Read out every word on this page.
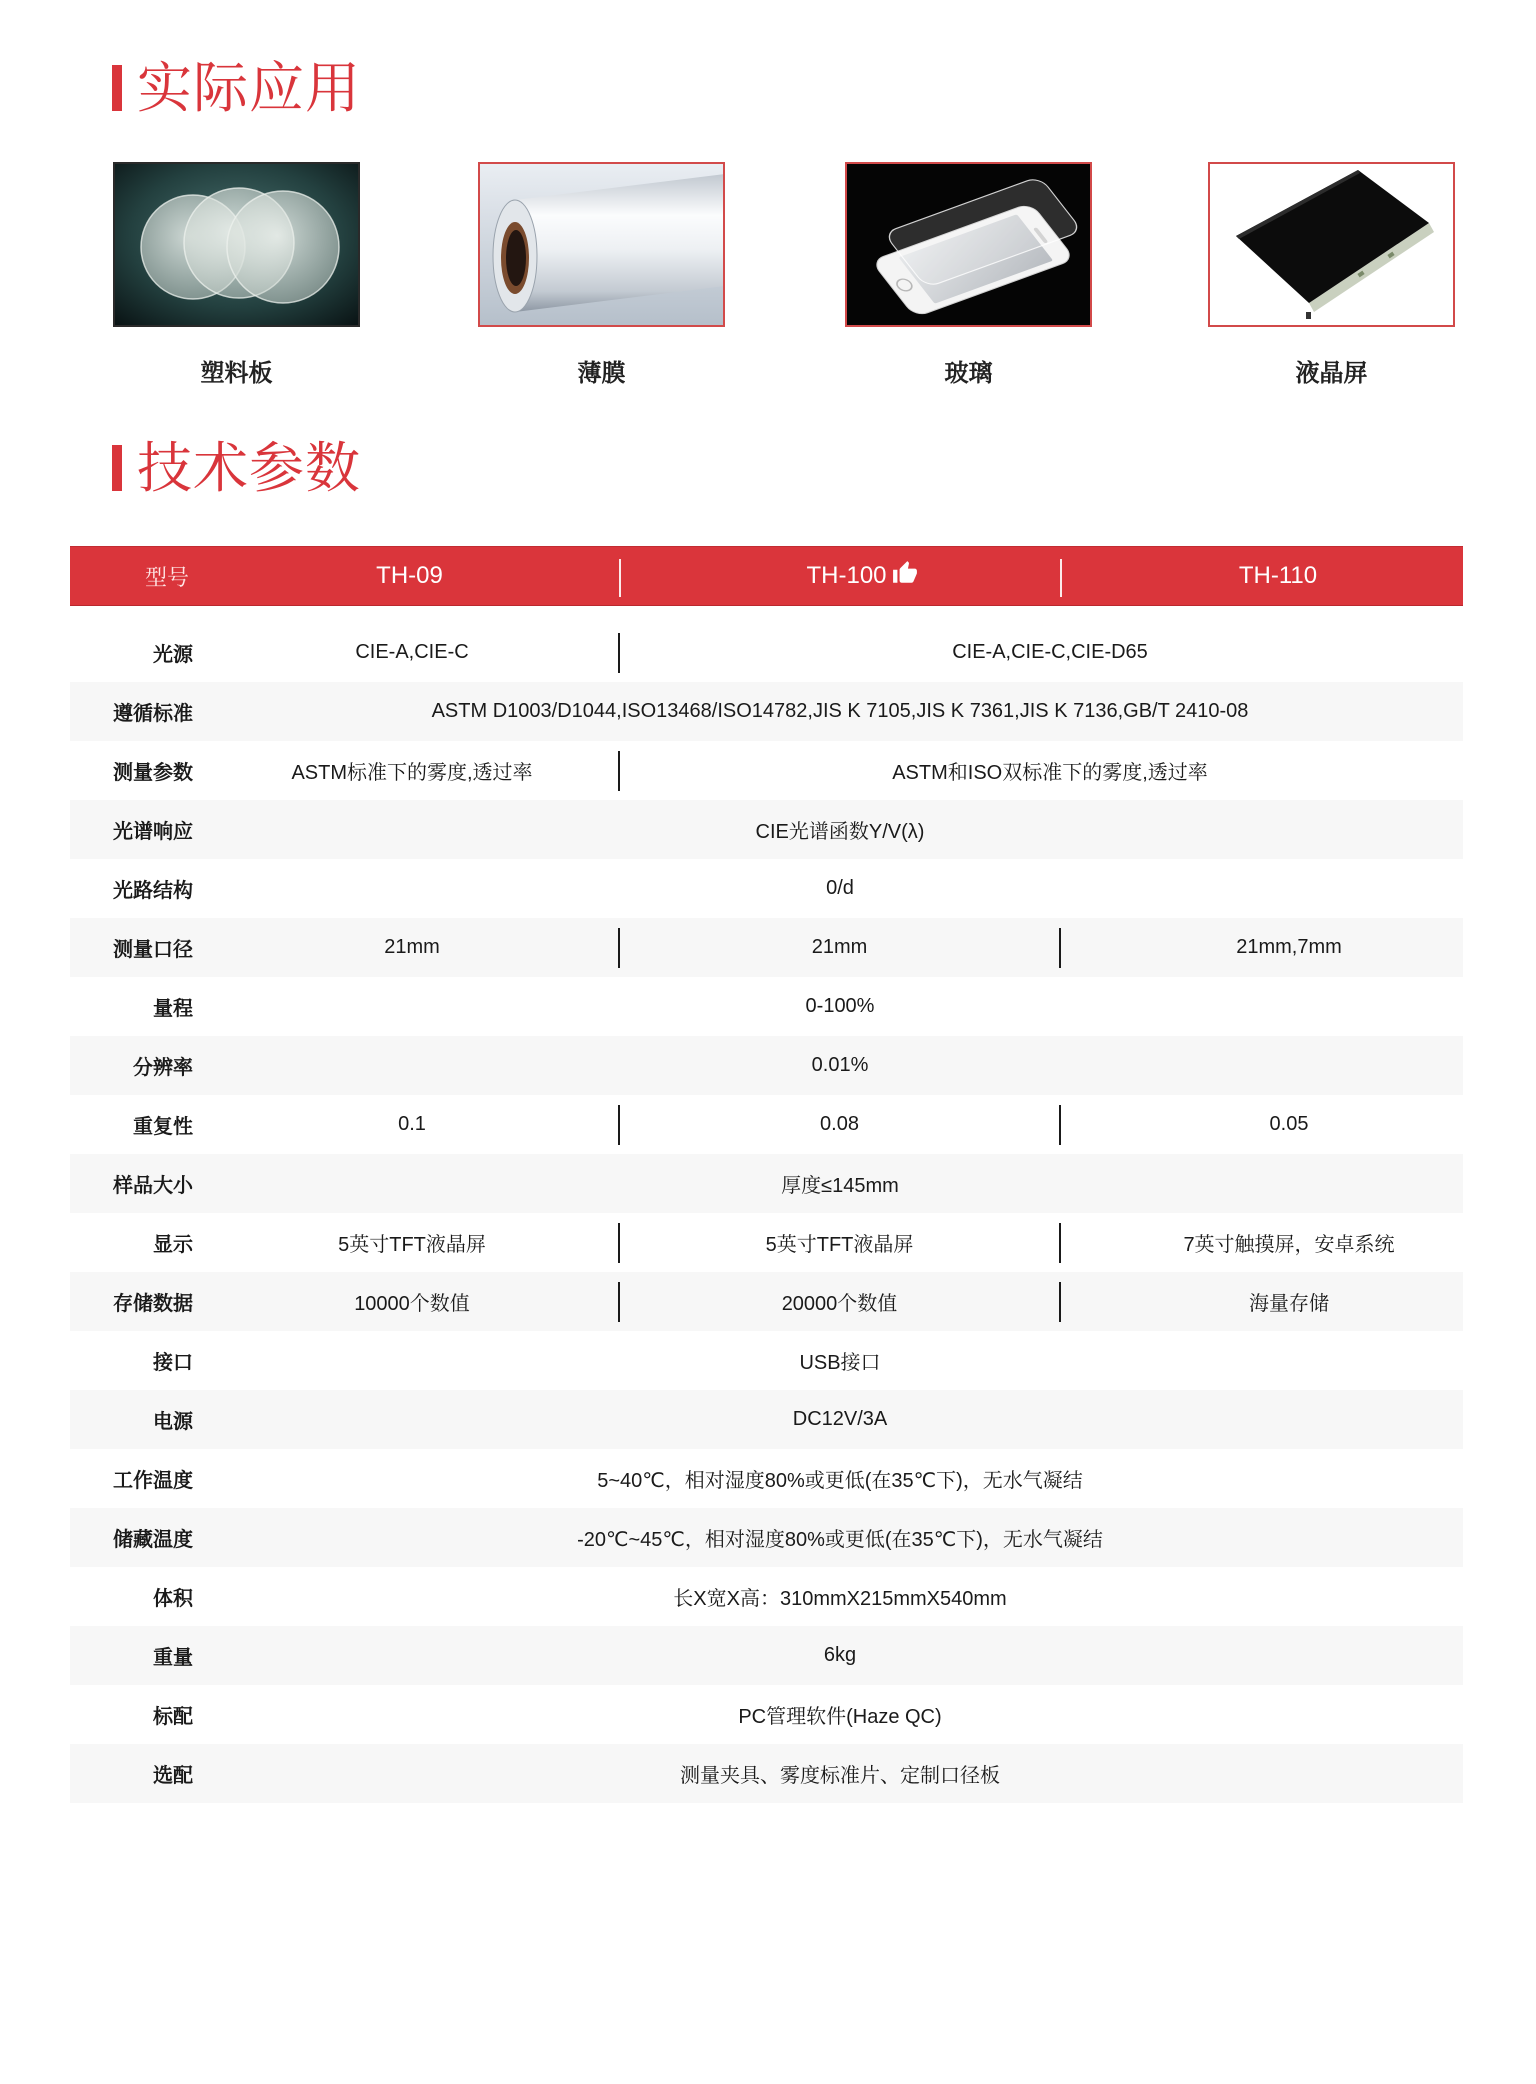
实际应用
塑料板	薄膜	玻璃	液晶屏
技术参数
型号	TH-09	TH-100	TH-110
光源	CIE-A,CIE-C	CIE-A,CIE-C,CIE-D65
遵循标准	ASTM D1003/D1044,ISO13468/ISO14782,JIS K 7105,JIS K 7361,JIS K 7136,GB/T 2410-08
测量参数	ASTM标准下的雾度,透过率	ASTM和ISO双标准下的雾度,透过率
光谱响应	CIE光谱函数Y/V(λ)
光路结构	0/d
测量口径	21mm	21mm	21mm,7mm
量程	0-100%
分辨率	0.01%
重复性	0.1	0.08	0.05
样品大小	厚度≤145mm
显示	5英寸TFT液晶屏	5英寸TFT液晶屏	7英寸触摸屏，安卓系统
存储数据	10000个数值	20000个数值	海量存储
接口	USB接口
电源	DC12V/3A
工作温度	5~40℃，相对湿度80%或更低(在35℃下)，无水气凝结
储藏温度	-20℃~45℃，相对湿度80%或更低(在35℃下)，无水气凝结
体积	长X宽X高：310mmX215mmX540mm
重量	6kg
标配	PC管理软件(Haze QC)
选配	测量夹具、雾度标准片、定制口径板
